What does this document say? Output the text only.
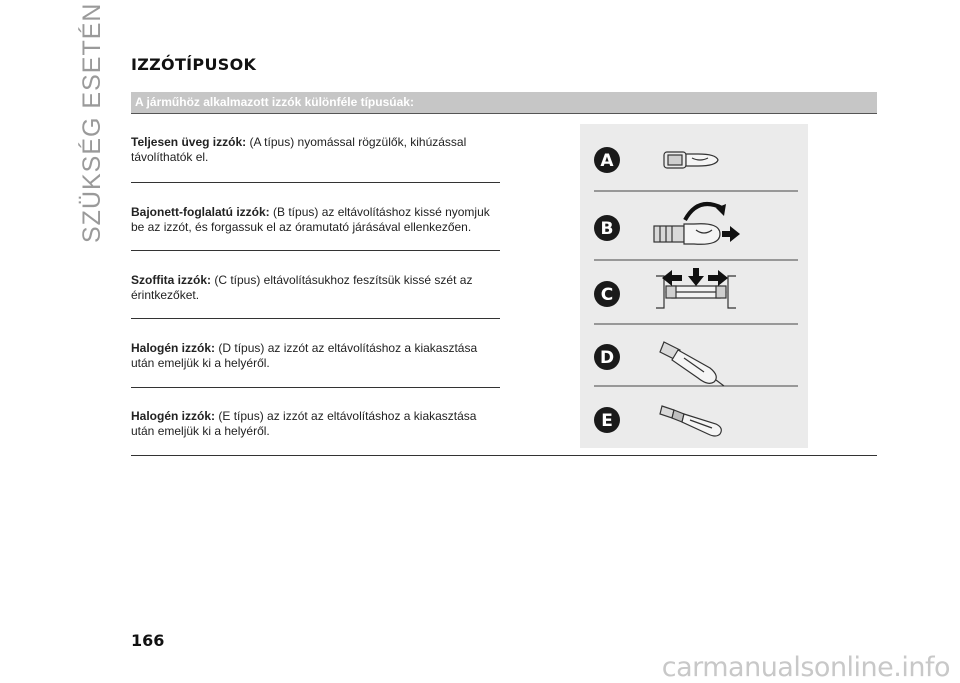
SZÜKSÉG ESETÉN IZZÓTÍPUSOK
A járműhöz alkalmazott izzók különféle típusúak:
Teljesen üveg izzók: (A típus) nyomással rögzülők, kihúzással távolíthatók el.
Bajonett-foglalatú izzók: (B típus) az eltávolításhoz kissé nyomjuk be az izzót, és forgassuk el az óramutató járásával ellenkezően.
Szoffita izzók: (C típus) eltávolításukhoz feszítsük kissé szét az érintkezőket.
Halogén izzók: (D típus) az izzót az eltávolításhoz a kiakasztása után emeljük ki a helyéről.
Halogén izzók: (E típus) az izzót az eltávolításhoz a kiakasztása után emeljük ki a helyéről.
A
B
C
D
E
166
carmanualsonline.info
